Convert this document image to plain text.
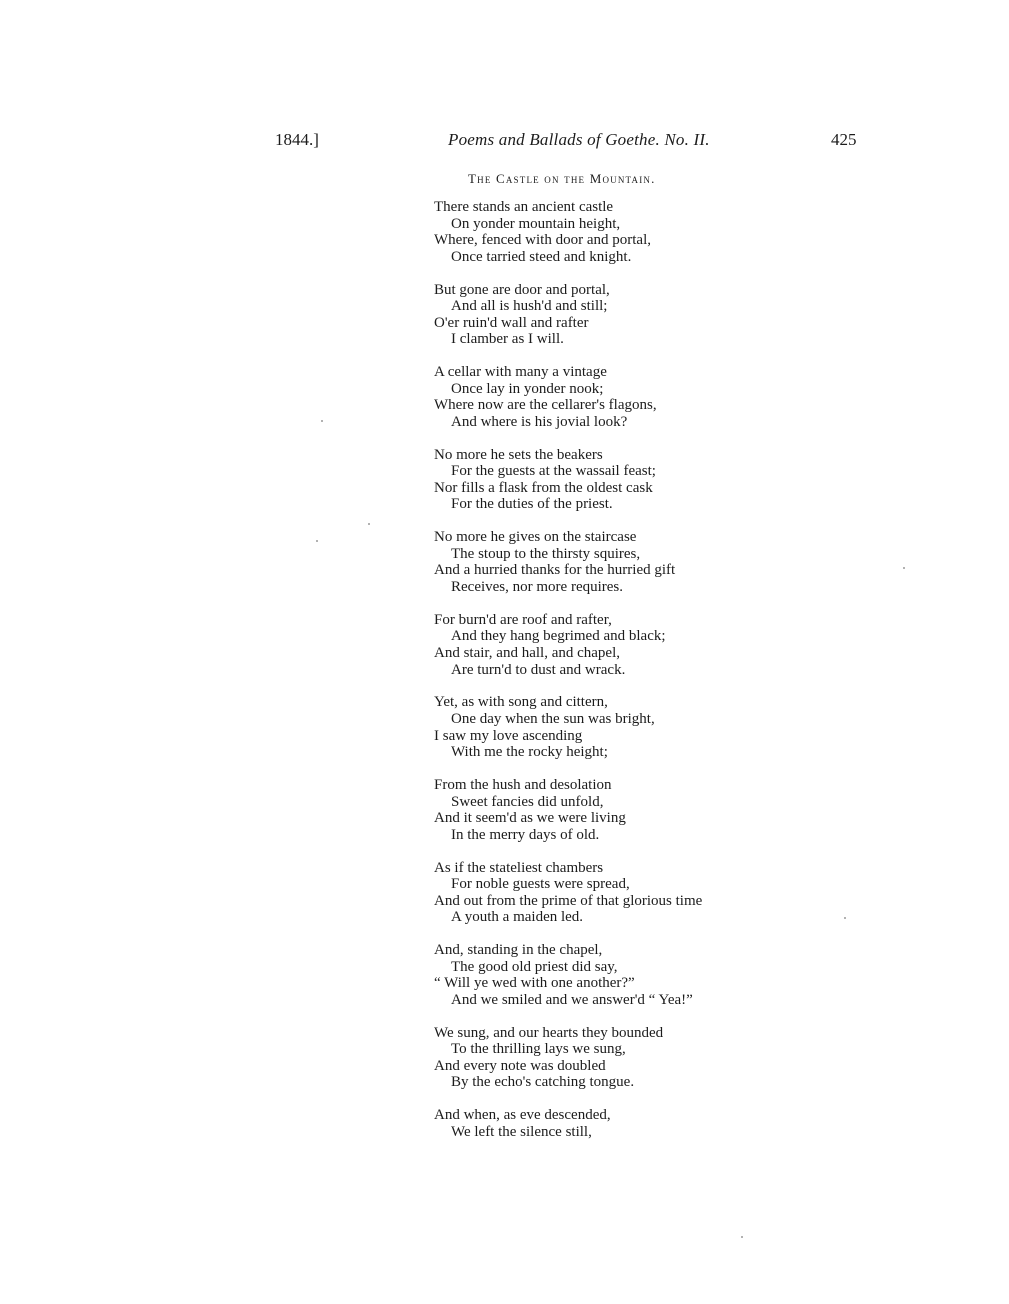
1844.]	Poems and Ballads of Goethe. No. II.	425
The Castle on the Mountain.
There stands an ancient castle
On yonder mountain height,
Where, fenced with door and portal,
Once tarried steed and knight.
But gone are door and portal,
And all is hush'd and still;
O'er ruin'd wall and rafter
I clamber as I will.
A cellar with many a vintage
Once lay in yonder nook;
Where now are the cellarer's flagons,
And where is his jovial look?
No more he sets the beakers
For the guests at the wassail feast;
Nor fills a flask from the oldest cask
For the duties of the priest.
No more he gives on the staircase
The stoup to the thirsty squires,
And a hurried thanks for the hurried gift
Receives, nor more requires.
For burn'd are roof and rafter,
And they hang begrimed and black;
And stair, and hall, and chapel,
Are turn'd to dust and wrack.
Yet, as with song and cittern,
One day when the sun was bright,
I saw my love ascending
With me the rocky height;
From the hush and desolation
Sweet fancies did unfold,
And it seem'd as we were living
In the merry days of old.
As if the stateliest chambers
For noble guests were spread,
And out from the prime of that glorious time
A youth a maiden led.
And, standing in the chapel,
The good old priest did say,
“ Will ye wed with one another?”
And we smiled and we answer'd “ Yea!”
We sung, and our hearts they bounded
To the thrilling lays we sung,
And every note was doubled
By the echo's catching tongue.
And when, as eve descended,
We left the silence still,
